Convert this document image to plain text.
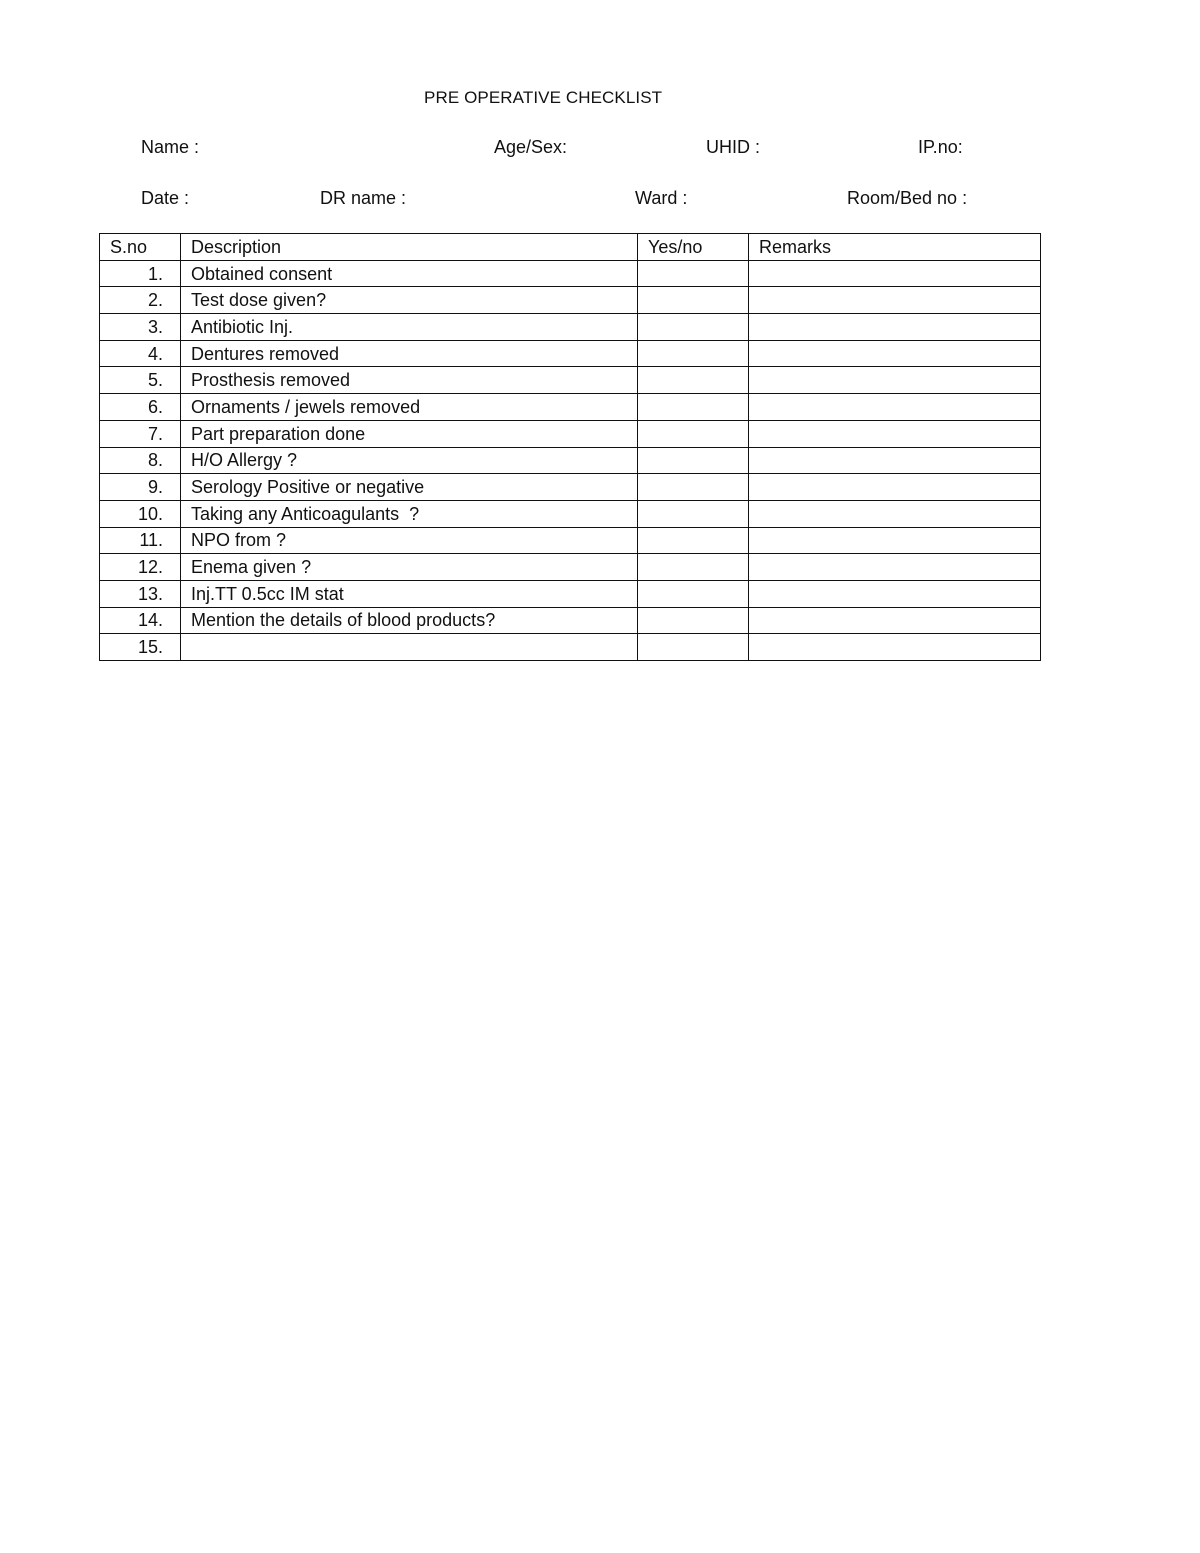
PRE OPERATIVE CHECKLIST
Name :	Age/Sex:	UHID :	IP.no:
Date :	DR name :	Ward :	Room/Bed no :
S.no	Description	Yes/no	Remarks
1.	Obtained consent		
2.	Test dose given?		
3.	Antibiotic Inj.		
4.	Dentures removed		
5.	Prosthesis removed		
6.	Ornaments / jewels removed		
7.	Part preparation done		
8.	H/O Allergy ?		
9.	Serology Positive or negative		
10.	Taking any Anticoagulants  ?		
11.	NPO from ?		
12.	Enema given ?		
13.	Inj.TT 0.5cc IM stat		
14.	Mention the details of blood products?		
15.			
